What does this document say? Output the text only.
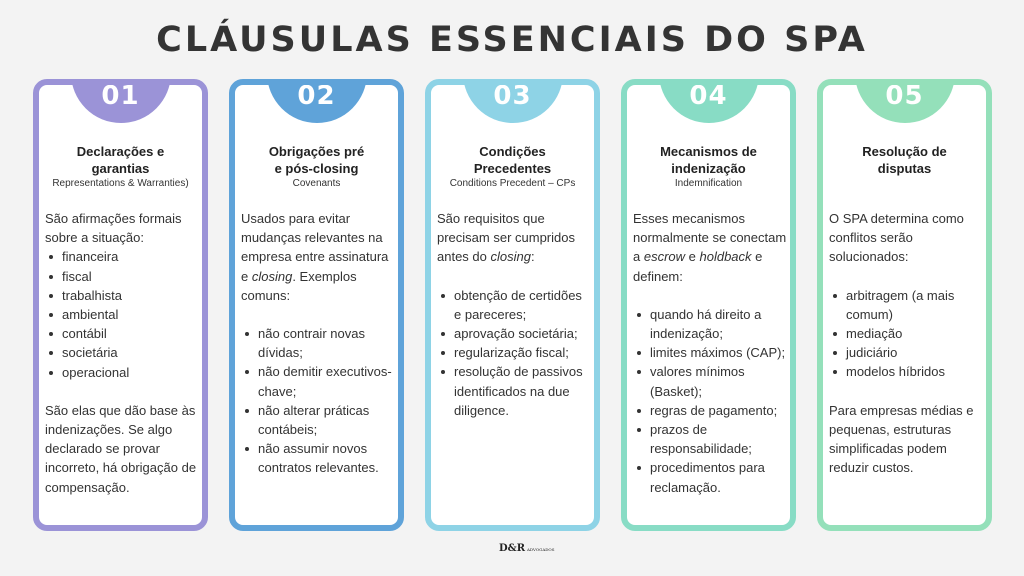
CLÁUSULAS ESSENCIAIS DO SPA
01
Declarações e
garantias
Representations & Warranties)

São afirmações formais sobre a situação:

financeira
fiscal
trabalhista
ambiental
contábil
societária
operacional

São elas que dão base às indenizações. Se algo declarado se provar incorreto, há obrigação de compensação.

02
Obrigações pré
e pós-closing
Covenants

Usados para evitar mudanças relevantes na empresa entre assinatura e closing. Exemplos comuns:

não contrair novas dívidas;
não demitir executivos-chave;
não alterar práticas contábeis;
não assumir novos contratos relevantes.
03
Condições
Precedentes
Conditions Precedent – CPs

São requisitos que precisam ser cumpridos antes do closing:

obtenção de certidões e pareceres;
aprovação societária;
regularização fiscal;
resolução de passivos identificados na due diligence.
04
Mecanismos de
indenização
Indemnification

Esses mecanismos normalmente se conectam a escrow e holdback e definem:

quando há direito a indenização;
limites máximos (CAP);
valores mínimos (Basket);
regras de pagamento;
prazos de responsabilidade;
procedimentos para reclamação.
05
Resolução de
disputas

O SPA determina como conflitos serão solucionados:

arbitragem (a mais comum)
mediação
judiciário
modelos híbridos

Para empresas médias e pequenas, estruturas simplificadas podem reduzir custos.

D&R ADVOGADOS
